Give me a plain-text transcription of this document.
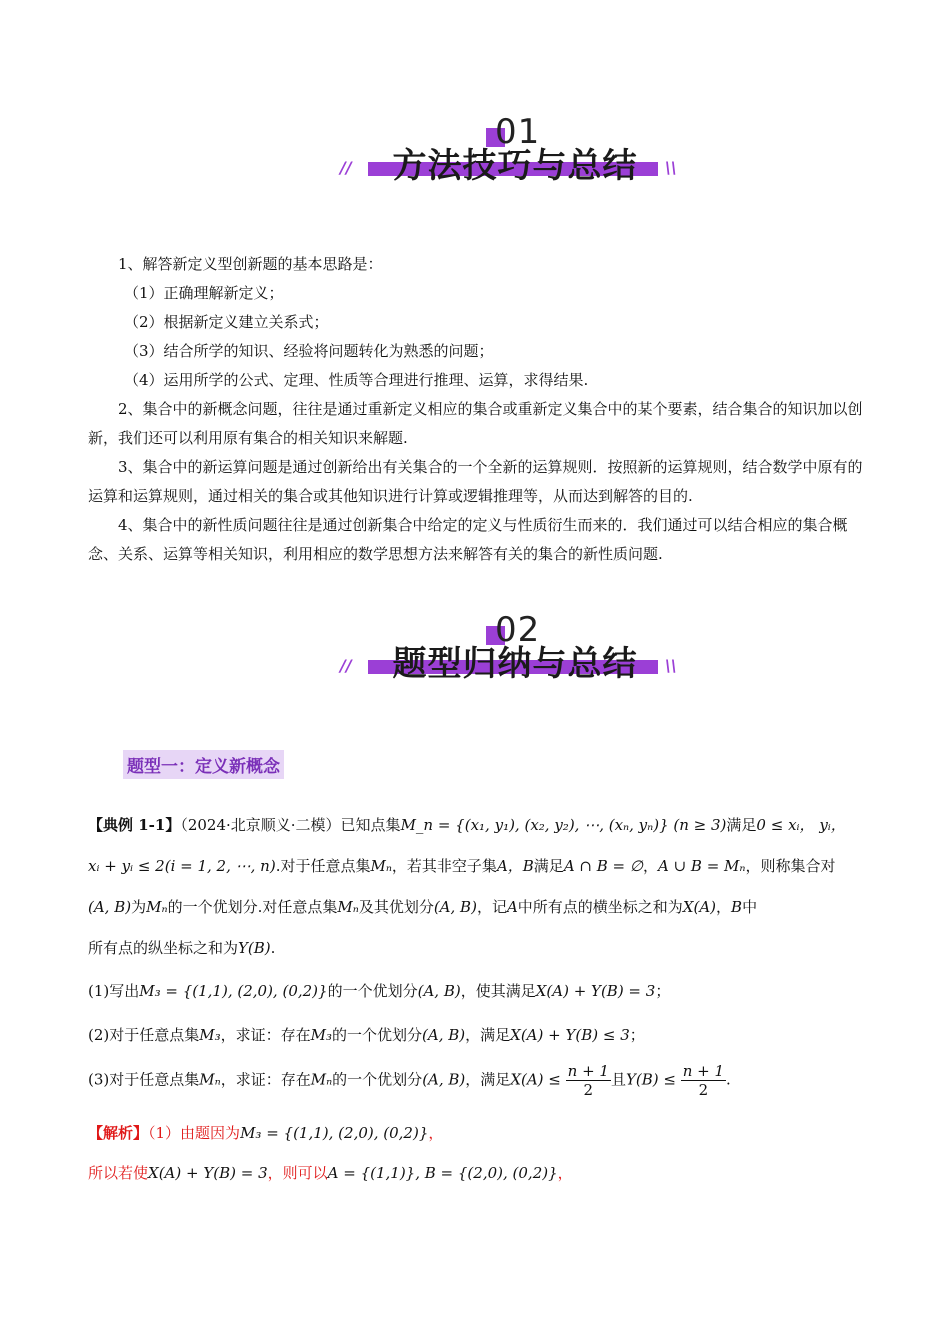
01
方法技巧与总结
//	\\
1、解答新定义型创新题的基本思路是：
（1）正确理解新定义；
（2）根据新定义建立关系式；
（3）结合所学的知识、经验将问题转化为熟悉的问题；
（4）运用所学的公式、定理、性质等合理进行推理、运算，求得结果.
2、集合中的新概念问题，往往是通过重新定义相应的集合或重新定义集合中的某个要素，结合集合的知识加以创新，我们还可以利用原有集合的相关知识来解题.
3、集合中的新运算问题是通过创新给出有关集合的一个全新的运算规则．按照新的运算规则，结合数学中原有的运算和运算规则，通过相关的集合或其他知识进行计算或逻辑推理等，从而达到解答的目的.
4、集合中的新性质问题往往是通过创新集合中给定的定义与性质衍生而来的．我们通过可以结合相应的集合概念、关系、运算等相关知识，利用相应的数学思想方法来解答有关的集合的新性质问题.
02
题型归纳与总结
//	\\
题型一：定义新概念
【典例 1-1】（2024·北京顺义·二模）已知点集M_n = {(x₁, y₁), (x₂, y₂), ⋯, (xₙ, yₙ)} (n ≥ 3)满足0 ≤ xᵢ， yᵢ，
xᵢ + yᵢ ≤ 2(i = 1, 2, ⋯, n).对于任意点集Mₙ，若其非空子集A，B满足A ∩ B = ∅，A ∪ B = Mₙ，则称集合对
(A, B)为Mₙ的一个优划分.对任意点集Mₙ及其优划分(A, B)，记A中所有点的横坐标之和为X(A)，B中
所有点的纵坐标之和为Y(B).
(1)写出M₃ = {(1,1), (2,0), (0,2)}的一个优划分(A, B)，使其满足X(A) + Y(B) = 3；
(2)对于任意点集M₃，求证：存在M₃的一个优划分(A, B)，满足X(A) + Y(B) ≤ 3；
(3)对于任意点集Mₙ，求证：存在Mₙ的一个优划分(A, B)，满足$X(A) \le \frac{n + 1}{2}$ 且$Y(B) \le \frac{n + 1}{2}$ .
【解析】（1）由题因为M₃ = {(1,1), (2,0), (0,2)}，
所以若使X(A) + Y(B) = 3，则可以A = {(1,1)}, B = {(2,0), (0,2)}，
